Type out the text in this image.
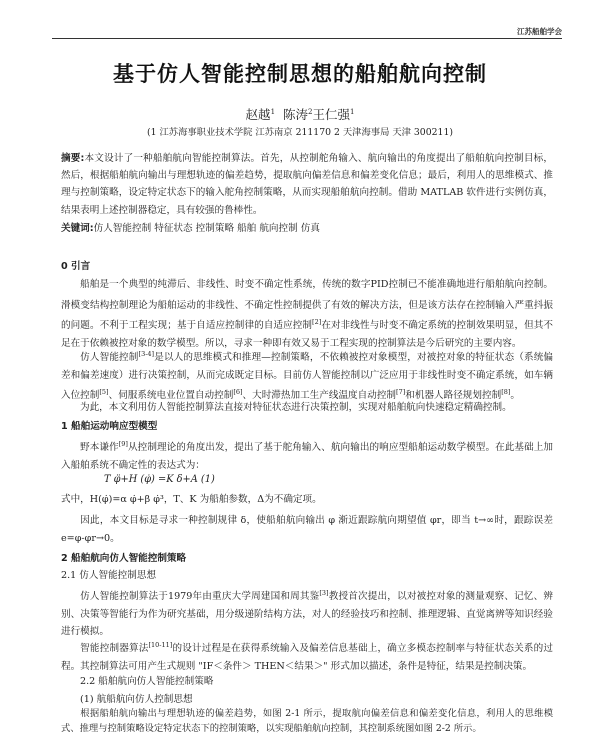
江苏船舶学会
基于仿人智能控制思想的船舶航向控制
赵越$^1$ 陈涛$^2$王仁强$^1$
(1 江苏海事职业技术学院 江苏南京 211170 2 天津海事局 天津 300211)
摘要:本文设计了一种船舶航向智能控制算法。首先，从控制舵角输入、航向输出的角度提出了船舶航向控制目标，然后，根据船舶航向输出与理想轨迹的偏差趋势，提取航向偏差信息和偏差变化信息；最后，利用人的思维模式、推理与控制策略，设定特定状态下的输入舵角控制策略，从而实现船舶航向控制。借助 MATLAB 软件进行实例仿真，结果表明上述控制器稳定，具有较强的鲁棒性。
关键词:仿人智能控制 特征状态 控制策略 船舶 航向控制 仿真
0 引言

船舶是一个典型的纯滞后、非线性、时变不确定性系统，传统的数字PID控制已不能准确地进行船舶航向控制。滑模变结构控制理论为船舶运动的非线性、不确定性控制提供了有效的解决方法，但是该方法存在控制输入严重抖振的问题。不利于工程实现；基于自适应控制律的自适应控制[2]在对非线性与时变不确定系统的控制效果明显，但其不足在于依赖被控对象的数学模型。所以，寻求一种即有效又易于工程实现的控制算法是今后研究的主要内容。

仿人智能控制[3-4]是以人的思维模式和推理—控制策略，不依赖被控对象模型，对被控对象的特征状态（系统偏差和偏差速度）进行决策控制，从而完成既定目标。目前仿人智能控制以广泛应用于非线性时变不确定系统，如车辆入位控制[5]、伺服系统电业位置自动控制[6]、大时滞热加工生产线温度自动控制[7]和机器人路径规划控制[8]。

为此，本文利用仿人智能控制算法直接对特征状态进行决策控制，实现对船舶航向快速稳定精确控制。

1 船舶运动响应型模型

野本谦作[9]从控制理论的角度出发，提出了基于舵角输入、航向输出的响应型船舶运动数学模型。在此基础上加入船舶系统不确定性的表达式为：

T φ̈+H (φ̇) =K δ+A (1)

式中，H(φ̇)=α φ̇+β φ̇³，T、K 为船舶参数，Δ为不确定项。

因此，本文目标是寻求一种控制规律 δ，使船舶航向输出 φ 渐近跟踪航向期望值 φr，即当 t→∞时，跟踪误差 e=φ-φr→0。

2 船舶航向仿人智能控制策略
2.1 仿人智能控制思想

仿人智能控制算法于1979年由重庆大学周建国和周其鉴[3]教授首次提出，以对被控对象的测量观察、记忆、辨别、决策等智能行为作为研究基础，用分级递阶结构方法，对人的经验技巧和控制、推理逻辑、直觉离辨等知识经验进行模拟。

智能控制器算法[10-11]的设计过程是在获得系统输入及偏差信息基础上，确立多模态控制率与特征状态关系的过程。其控制算法可用产生式规则 "IF＜条件＞ THEN＜结果＞" 形式加以描述，条件是特征，结果是控制决策。

2.2 船舶航向仿人智能控制策略
(1) 航船航向仿人控制思想

根据船舶航向输出与理想轨迹的偏差趋势，如图 2-1 所示，提取航向偏差信息和偏差变化信息，利用人的思维模式、推理与控制策略设定特定状态下的控制策略，以实现船舶航向控制，其控制系统图如图 2-2 所示。
